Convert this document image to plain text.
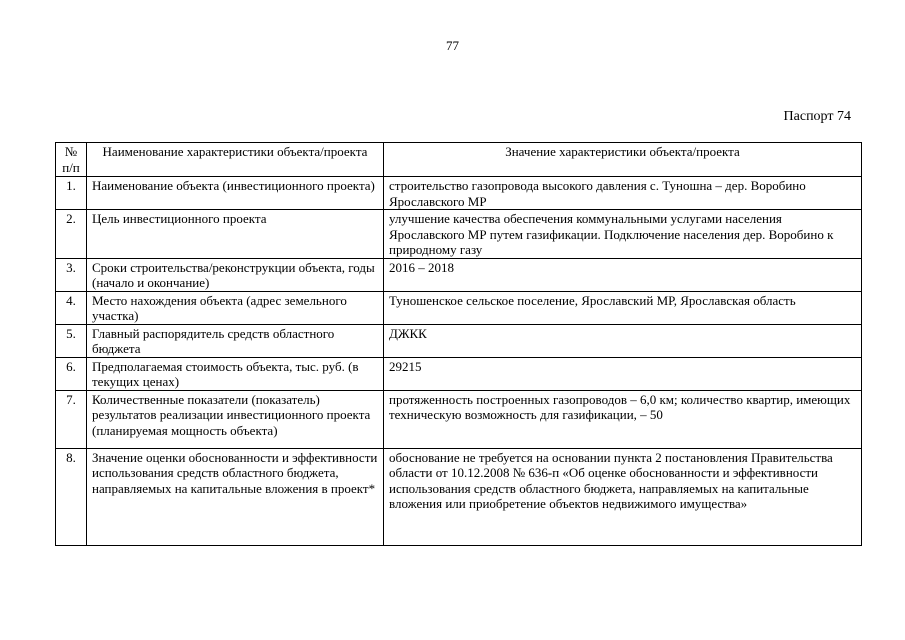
77
Паспорт 74
№ п/п	Наименование характеристики объекта/проекта	Значение характеристики объекта/проекта
1.	Наименование объекта (инвестиционного проекта)	строительство газопровода высокого давления с. Туношна – дер. Воробино Ярославского МР
2.	Цель инвестиционного проекта	улучшение качества обеспечения коммунальными услугами населения Ярославского МР путем газификации. Подключение населения дер. Воробино к природному газу
3.	Сроки строительства/реконструкции объекта, годы (начало и окончание)	2016 – 2018
4.	Место нахождения объекта (адрес земельного участка)	Туношенское сельское поселение, Ярославский МР, Ярославская область
5.	Главный распорядитель средств областного бюджета	ДЖКК
6.	Предполагаемая стоимость объекта, тыс. руб. (в текущих ценах)	29215
7.	Количественные показатели (показатель) результатов реализации инвестиционного проекта (планируемая мощность объекта)	протяженность построенных газопроводов – 6,0 км; количество квартир, имеющих техническую возможность для газификации, – 50
8.	Значение оценки обоснованности и эффективности использования средств областного бюджета, направляемых на капитальные вложения в проект*	обоснование не требуется на основании пункта 2 постановления Правительства области от 10.12.2008 № 636-п «Об оценке обоснованности и эффективности использования средств областного бюджета, направляемых на капитальные вложения или приобретение объектов недвижимого имущества»
